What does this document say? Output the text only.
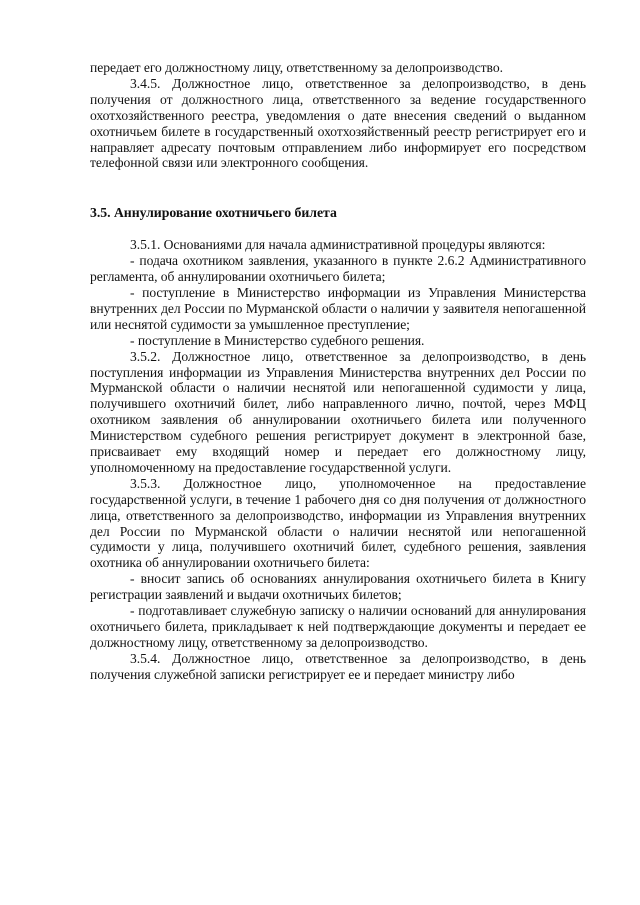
передает его должностному лицу, ответственному за делопроизводство.

3.4.5. Должностное лицо, ответственное за делопроизводство, в день получения от должностного лица, ответственного за ведение государственного охотхозяйственного реестра, уведомления о дате внесения сведений о выданном охотничьем билете в государственный охотхозяйственный реестр регистрирует его и направляет адресату почтовым отправлением либо информирует его посредством телефонной связи или электронного сообщения.

3.5. Аннулирование охотничьего билета

3.5.1. Основаниями для начала административной процедуры являются:

- подача охотником заявления, указанного в пункте 2.6.2 Административного регламента, об аннулировании охотничьего билета;

- поступление в Министерство информации из Управления Министерства внутренних дел России по Мурманской области о наличии у заявителя непогашенной или неснятой судимости за умышленное преступление;

- поступление в Министерство судебного решения.

3.5.2. Должностное лицо, ответственное за делопроизводство, в день поступления информации из Управления Министерства внутренних дел России по Мурманской области о наличии неснятой или непогашенной судимости у лица, получившего охотничий билет, либо направленного лично, почтой, через МФЦ охотником заявления об аннулировании охотничьего билета или полученного Министерством судебного решения регистрирует документ в электронной базе, присваивает ему входящий номер и передает его должностному лицу, уполномоченному на предоставление государственной услуги.

3.5.3. Должностное лицо, уполномоченное на предоставление государственной услуги, в течение 1 рабочего дня со дня получения от должностного лица, ответственного за делопроизводство, информации из Управления внутренних дел России по Мурманской области о наличии неснятой или непогашенной судимости у лица, получившего охотничий билет, судебного решения, заявления охотника об аннулировании охотничьего билета:

- вносит запись об основаниях аннулирования охотничьего билета в Книгу регистрации заявлений и выдачи охотничьих билетов;

- подготавливает служебную записку о наличии оснований для аннулирования охотничьего билета, прикладывает к ней подтверждающие документы и передает ее должностному лицу, ответственному за делопроизводство.

3.5.4. Должностное лицо, ответственное за делопроизводство, в день получения служебной записки регистрирует ее и передает министру либо
